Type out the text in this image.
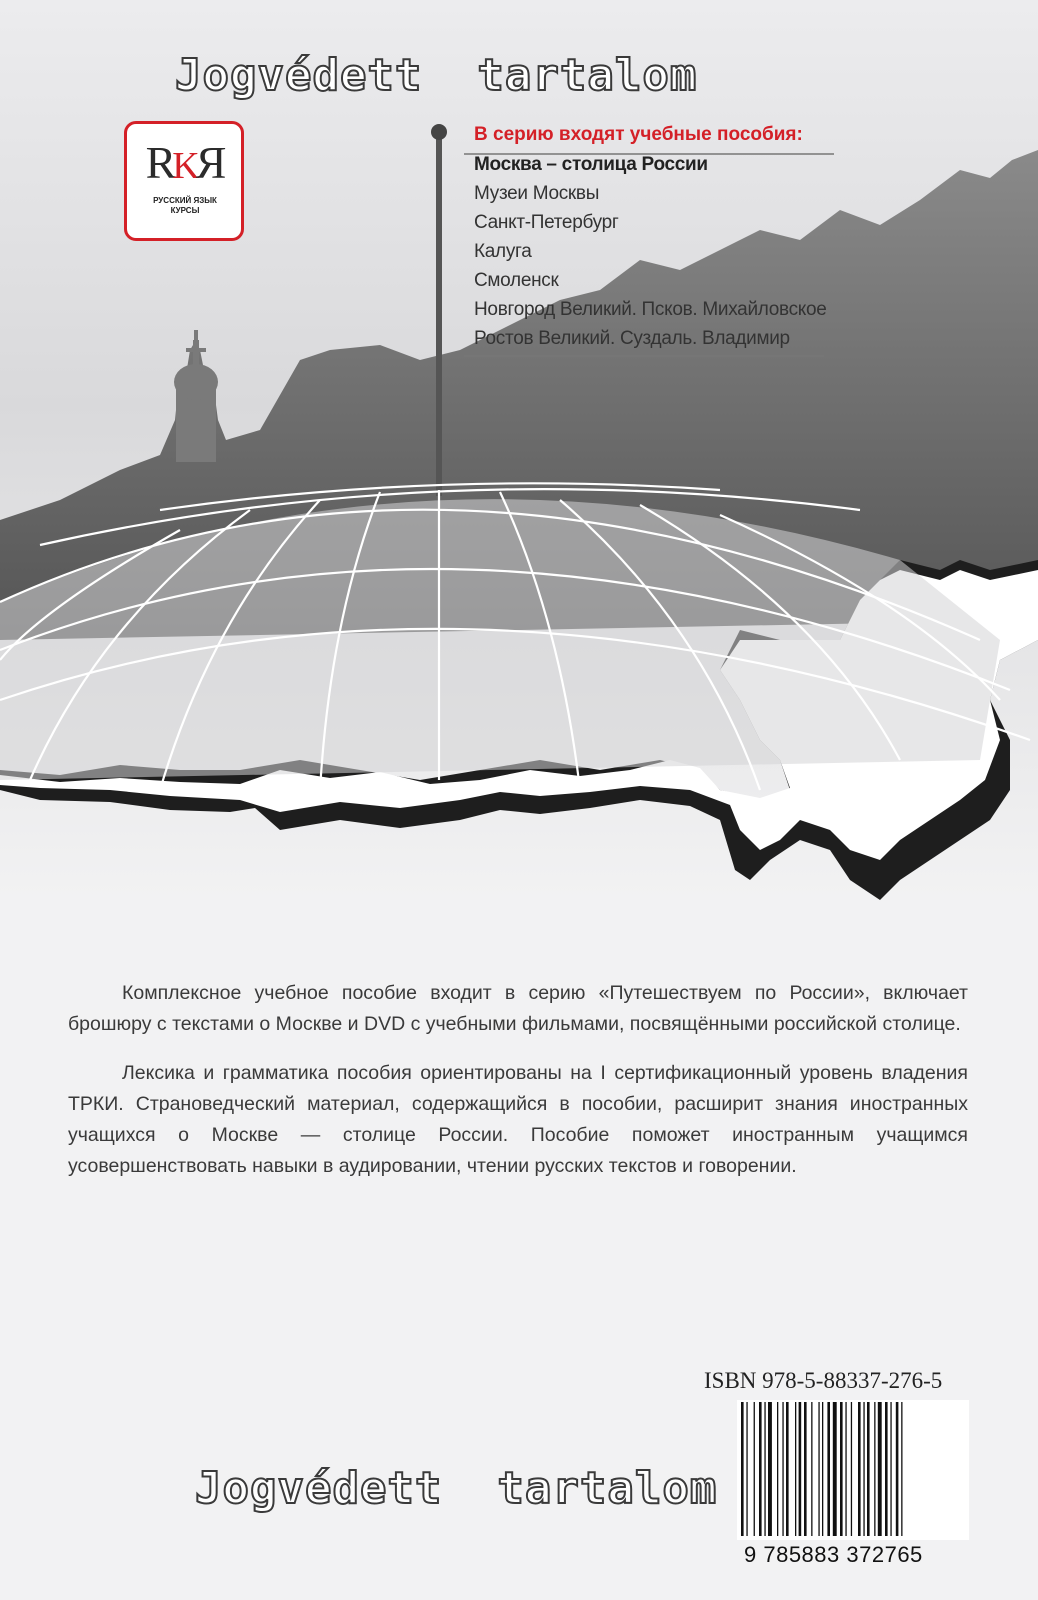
Jogvédett  tartalom
RKЯ
РУССКИЙ ЯЗЫК
КУРСЫ
В серию входят учебные пособия:
Москва – столица России
Музеи Москвы
Санкт-Петербург
Калуга
Смоленск
Новгород Великий. Псков. Михайловское
Ростов Великий. Суздаль. Владимир

Комплексное учебное пособие входит в серию «Путешествуем по России», включает брошюру с текстами о Москве и DVD с учебными фильмами, посвящёнными российской столице.

Лексика и грамматика пособия ориентированы на I сертификационный уровень владения ТРКИ. Страноведческий материал, содержащийся в пособии, расширит знания иностранных учащихся о Москве — столице России. Пособие поможет иностранным учащимся усовершенствовать навыки в аудировании, чтении русских текстов и говорении.

ISBN 978-5-88337-276-5
9 785883 372765
Jogvédett  tartalom
